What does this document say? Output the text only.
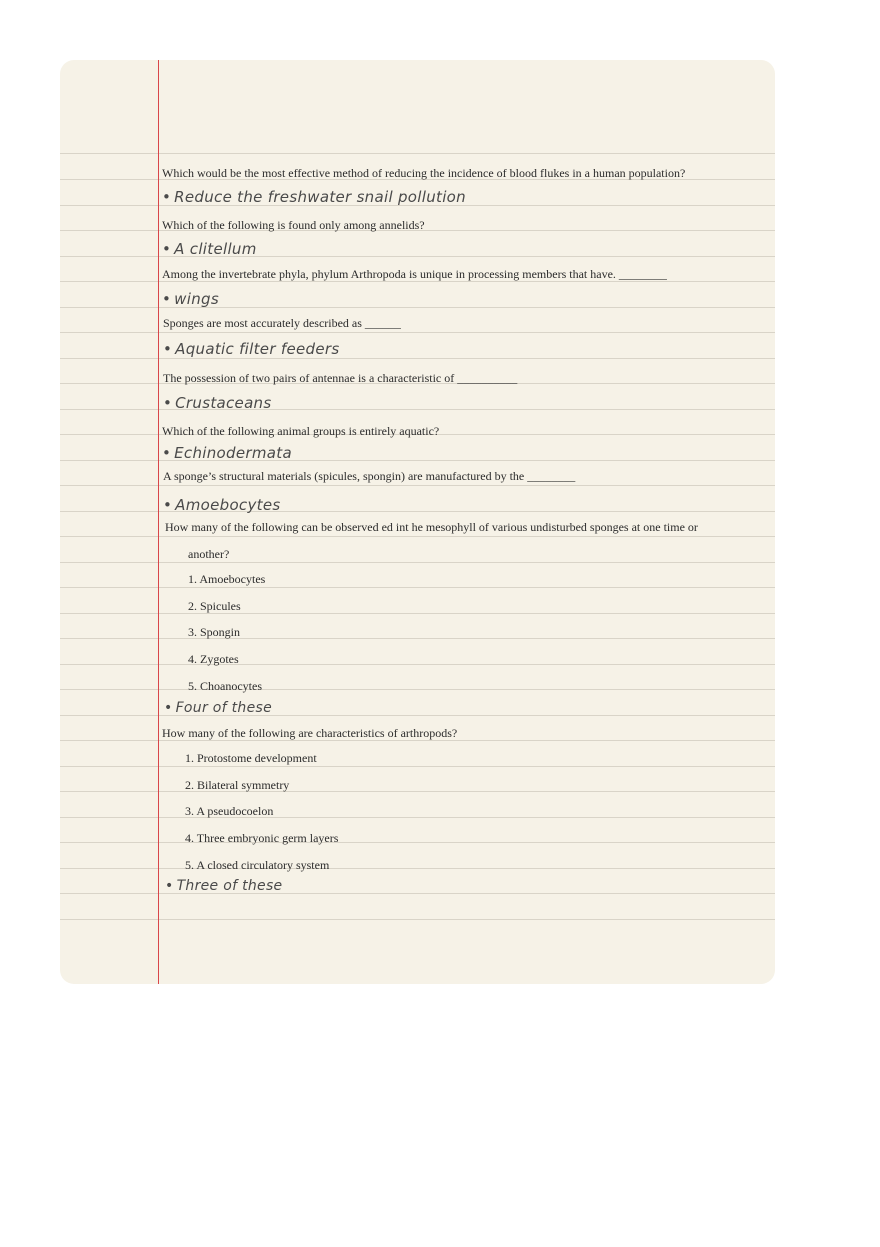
Which would be the most effective method of reducing the incidence of blood flukes in a human population?
• Reduce the freshwater snail pollution
Which of the following is found only among annelids?
• A clitellum
Among the invertebrate phyla, phylum Arthropoda is unique in processing members that have. ________
• wings
Sponges are most accurately described as ______
• Aquatic filter feeders
The possession of two pairs of antennae is a characteristic of __________
• Crustaceans
Which of the following animal groups is entirely aquatic?
• Echinodermata
A sponge’s structural materials (spicules, spongin) are manufactured by the ________
• Amoebocytes
How many of the following can be observed ed int he mesophyll of various undisturbed sponges at one time or
another?
1. Amoebocytes
2. Spicules
3. Spongin
4. Zygotes
5. Choanocytes
• Four of these
How many of the following are characteristics of arthropods?
1. Protostome development
2. Bilateral symmetry
3. A pseudocoelon
4. Three embryonic germ layers
5. A closed circulatory system
• Three of these
